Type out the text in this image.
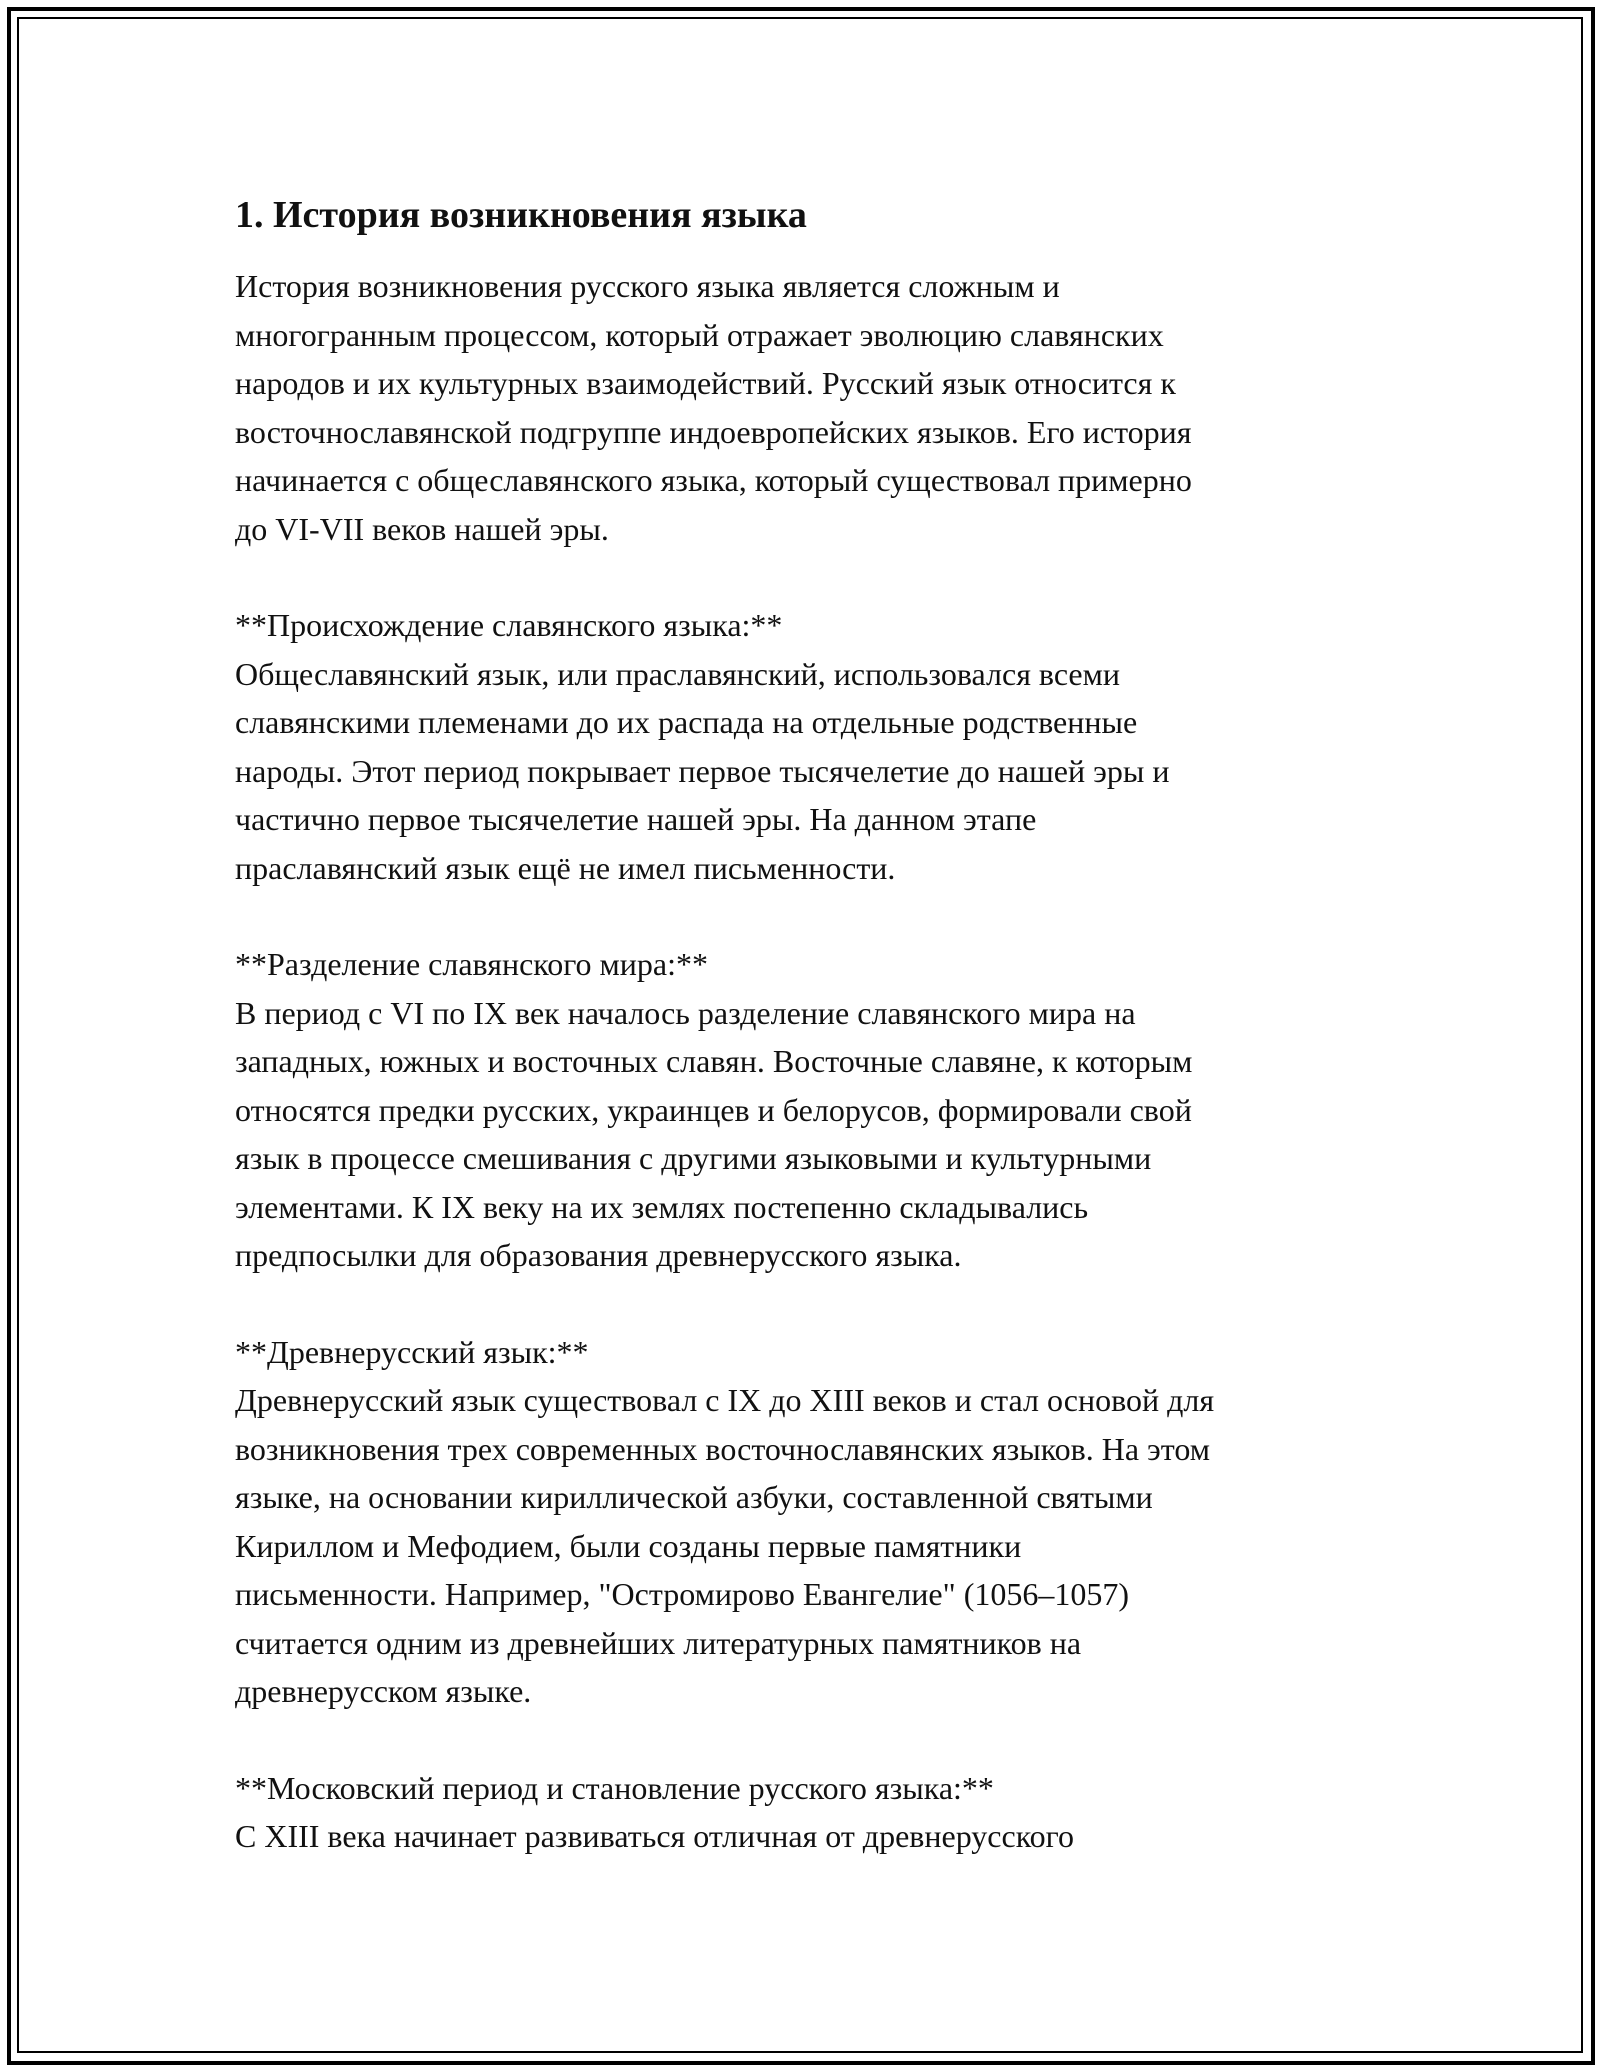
1. История возникновения языка

История возникновения русского языка является сложным и

многогранным процессом, который отражает эволюцию славянских

народов и их культурных взаимодействий. Русский язык относится к

восточнославянской подгруппе индоевропейских языков. Его история

начинается с общеславянского языка, который существовал примерно

до VI-VII веков нашей эры.

**Происхождение славянского языка:**

Общеславянский язык, или праславянский, использовался всеми

славянскими племенами до их распада на отдельные родственные

народы. Этот период покрывает первое тысячелетие до нашей эры и

частично первое тысячелетие нашей эры. На данном этапе

праславянский язык ещё не имел письменности.

**Разделение славянского мира:**

В период с VI по IX век началось разделение славянского мира на

западных, южных и восточных славян. Восточные славяне, к которым

относятся предки русских, украинцев и белорусов, формировали свой

язык в процессе смешивания с другими языковыми и культурными

элементами. К IX веку на их землях постепенно складывались

предпосылки для образования древнерусского языка.

**Древнерусский язык:**

Древнерусский язык существовал с IX до XIII веков и стал основой для

возникновения трех современных восточнославянских языков. На этом

языке, на основании кириллической азбуки, составленной святыми

Кириллом и Мефодием, были созданы первые памятники

письменности. Например, "Остромирово Евангелие" (1056–1057)

считается одним из древнейших литературных памятников на

древнерусском языке.

**Московский период и становление русского языка:**

С XIII века начинает развиваться отличная от древнерусского
